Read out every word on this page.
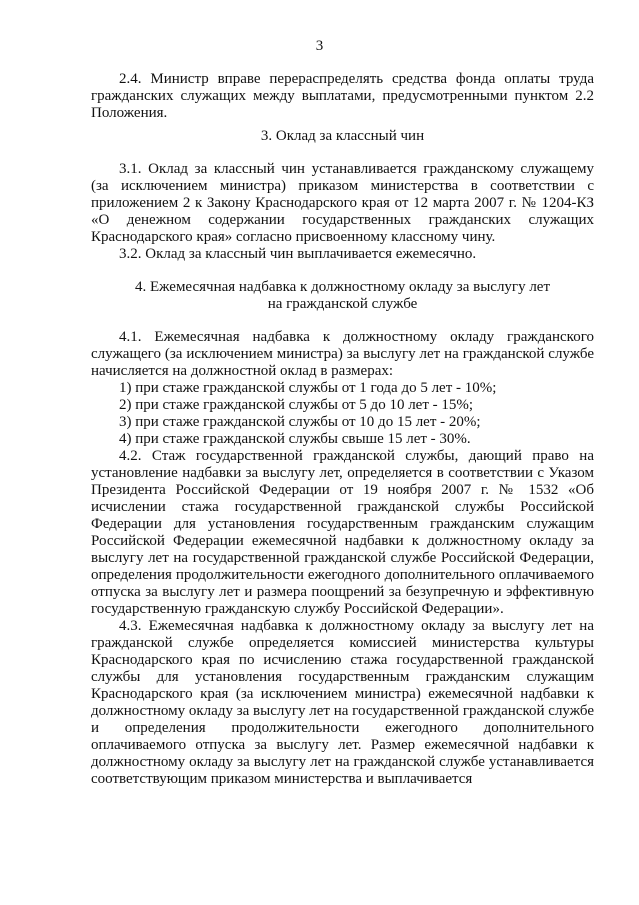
3

2.4. Министр вправе перераспределять средства фонда оплаты труда гражданских служащих между выплатами, предусмотренными пунктом 2.2 Положения.

3. Оклад за классный чин

3.1. Оклад за классный чин устанавливается гражданскому служащему (за исключением министра) приказом министерства в соответствии с приложением 2 к Закону Краснодарского края от 12 марта 2007 г. № 1204-КЗ «О денежном содержании государственных гражданских служащих Краснодарского края» согласно присвоенному классному чину.

3.2. Оклад за классный чин выплачивается ежемесячно.

4. Ежемесячная надбавка к должностному окладу за выслугу лет
на гражданской службе

4.1. Ежемесячная надбавка к должностному окладу гражданского служащего (за исключением министра) за выслугу лет на гражданской службе начисляется на должностной оклад в размерах:

1) при стаже гражданской службы от 1 года до 5 лет - 10%;

2) при стаже гражданской службы от 5 до 10 лет - 15%;

3) при стаже гражданской службы от 10 до 15 лет - 20%;

4) при стаже гражданской службы свыше 15 лет - 30%.

4.2. Стаж государственной гражданской службы, дающий право на установление надбавки за выслугу лет, определяется в соответствии с Указом Президента Российской Федерации от 19 ноября 2007 г. № 1532 «Об исчислении стажа государственной гражданской службы Российской Федерации для установления государственным гражданским служащим Российской Федерации ежемесячной надбавки к должностному окладу за выслугу лет на государственной гражданской службе Российской Федерации, определения продолжительности ежегодного дополнительного оплачиваемого отпуска за выслугу лет и размера поощрений за безупречную и эффективную государственную гражданскую службу Российской Федерации».

4.3. Ежемесячная надбавка к должностному окладу за выслугу лет на гражданской службе определяется комиссией министерства культуры Краснодарского края по исчислению стажа государственной гражданской службы для установления государственным гражданским служащим Краснодарского края (за исключением министра) ежемесячной надбавки к должностному окладу за выслугу лет на государственной гражданской службе и определения продолжительности ежегодного дополнительного оплачиваемого отпуска за выслугу лет. Размер ежемесячной надбавки к должностному окладу за выслугу лет на гражданской службе устанавливается соответствующим приказом министерства и выплачивается
